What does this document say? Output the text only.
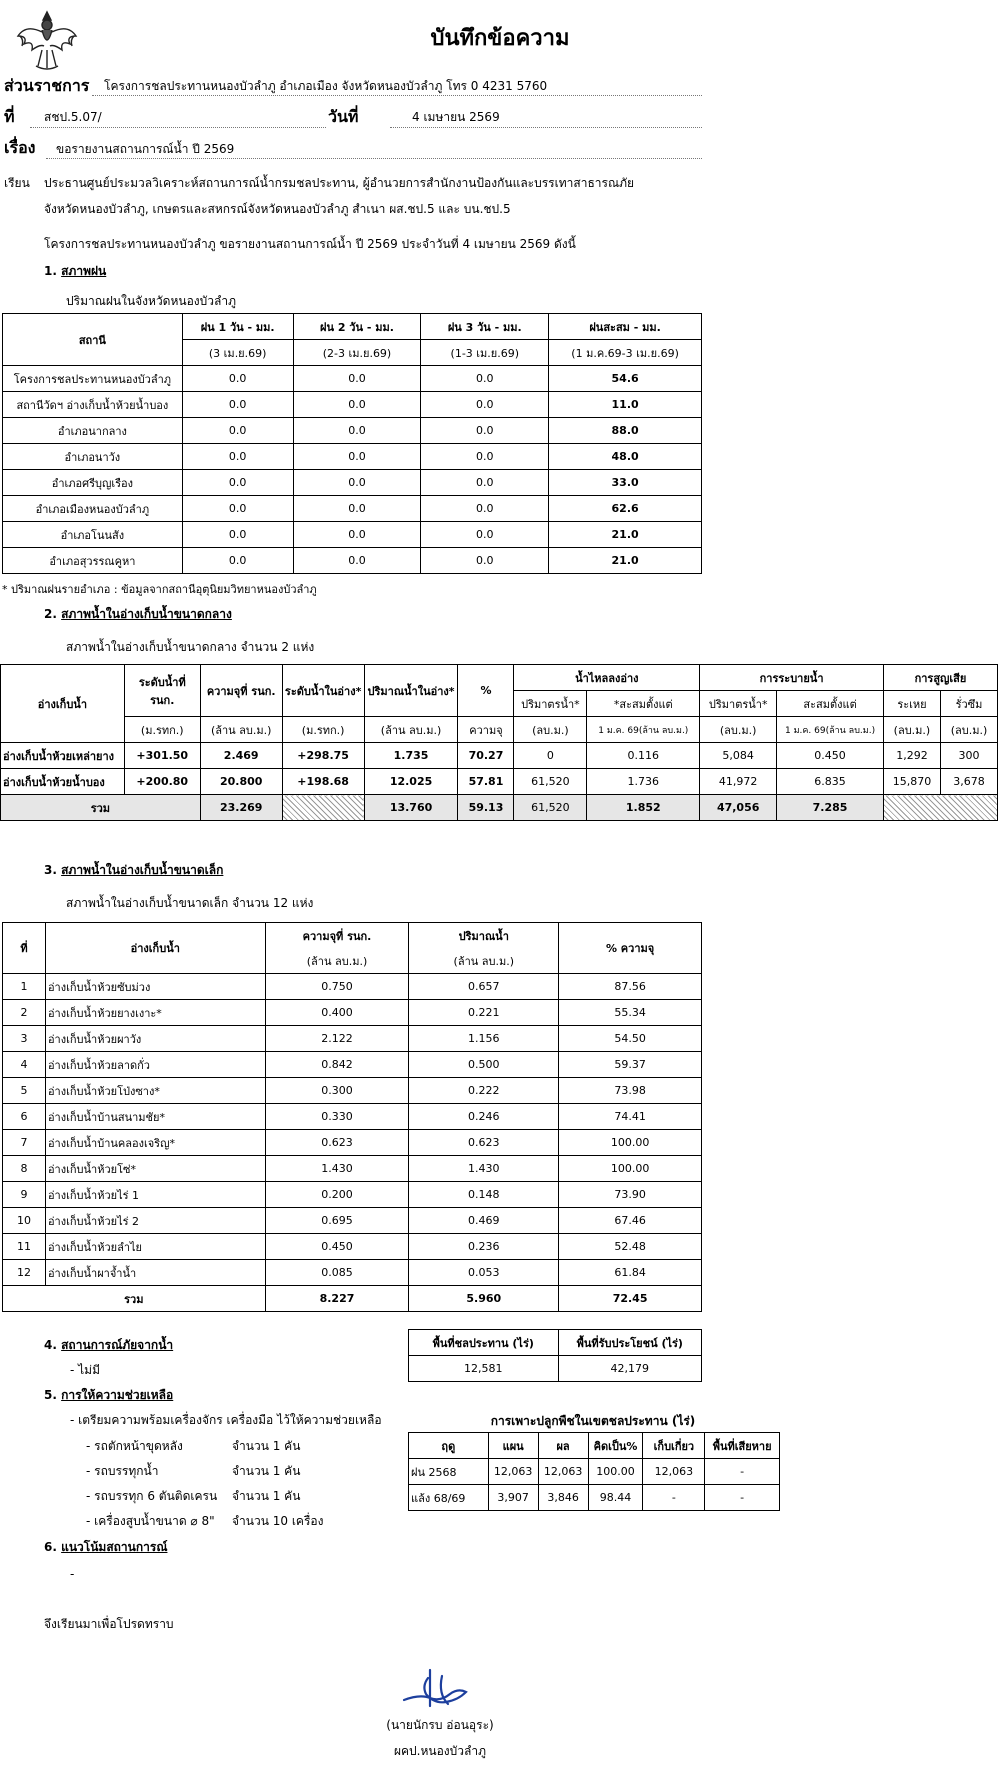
บันทึกข้อความ
ส่วนราชการ โครงการชลประทานหนองบัวลำภู อำเภอเมือง จังหวัดหนองบัวลำภู โทร 0 4231 5760
ที่ สชป.5.07/	วันที่	4 เมษายน 2569
เรื่อง ขอรายงานสถานการณ์น้ำ ปี 2569
เรียน ประธานศูนย์ประมวลวิเคราะห์สถานการณ์น้ำกรมชลประทาน, ผู้อำนวยการสำนักงานป้องกันและบรรเทาสาธารณภัย
จังหวัดหนองบัวลำภู, เกษตรและสหกรณ์จังหวัดหนองบัวลำภู สำเนา ผส.ชป.5 และ บน.ชป.5
โครงการชลประทานหนองบัวลำภู ขอรายงานสถานการณ์น้ำ ปี 2569 ประจำวันที่ 4 เมษายน 2569 ดังนี้
1. สภาพฝน
ปริมาณฝนในจังหวัดหนองบัวลำภู
สถานี	ฝน 1 วัน - มม.	ฝน 2 วัน - มม.	ฝน 3 วัน - มม.	ฝนสะสม - มม.
	(3 เม.ย.69)	(2-3 เม.ย.69)	(1-3 เม.ย.69)	(1 ม.ค.69-3 เม.ย.69)
โครงการชลประทานหนองบัวลำภู	0.0	0.0	0.0	54.6
สถานีวัดฯ อ่างเก็บน้ำห้วยน้ำบอง	0.0	0.0	0.0	11.0
อำเภอนากลาง	0.0	0.0	0.0	88.0
อำเภอนาวัง	0.0	0.0	0.0	48.0
อำเภอศรีบุญเรือง	0.0	0.0	0.0	33.0
อำเภอเมืองหนองบัวลำภู	0.0	0.0	0.0	62.6
อำเภอโนนสัง	0.0	0.0	0.0	21.0
อำเภอสุวรรณคูหา	0.0	0.0	0.0	21.0
* ปริมาณฝนรายอำเภอ : ข้อมูลจากสถานีอุตุนิยมวิทยาหนองบัวลำภู
2. สภาพน้ำในอ่างเก็บน้ำขนาดกลาง
สภาพน้ำในอ่างเก็บน้ำขนาดกลาง จำนวน 2 แห่ง
อ่างเก็บน้ำ	ระดับน้ำที่ รนก.	ความจุที่ รนก.	ระดับน้ำในอ่าง*	ปริมาณน้ำในอ่าง*	%	น้ำไหลลงอ่าง		การระบายน้ำ		การสูญเสีย	
						ปริมาตรน้ำ*	*สะสมตั้งแต่	ปริมาตรน้ำ*	สะสมตั้งแต่	ระเหย	รั่วซึม
	(ม.รทก.)	(ล้าน ลบ.ม.)	(ม.รทก.)	(ล้าน ลบ.ม.)	ความจุ	(ลบ.ม.)	1 ม.ค. 69(ล้าน ลบ.ม.)	(ลบ.ม.)	1 ม.ค. 69(ล้าน ลบ.ม.)	(ลบ.ม.)	(ลบ.ม.)
อ่างเก็บน้ำห้วยเหล่ายาง	+301.50	2.469	+298.75	1.735	70.27	0	0.116	5,084	0.450	1,292	300
อ่างเก็บน้ำห้วยน้ำบอง	+200.80	20.800	+198.68	12.025	57.81	61,520	1.736	41,972	6.835	15,870	3,678
รวม		23.269		13.760	59.13	61,520	1.852	47,056	7.285		
3. สภาพน้ำในอ่างเก็บน้ำขนาดเล็ก
สภาพน้ำในอ่างเก็บน้ำขนาดเล็ก จำนวน 12 แห่ง
ที่	อ่างเก็บน้ำ	ความจุที่ รนก.	ปริมาณน้ำ	% ความจุ
		(ล้าน ลบ.ม.)	(ล้าน ลบ.ม.)	
1	อ่างเก็บน้ำห้วยซับม่วง	0.750	0.657	87.56
2	อ่างเก็บน้ำห้วยยางเงาะ*	0.400	0.221	55.34
3	อ่างเก็บน้ำห้วยผาวัง	2.122	1.156	54.50
4	อ่างเก็บน้ำห้วยลาดกั่ว	0.842	0.500	59.37
5	อ่างเก็บน้ำห้วยโป่งซาง*	0.300	0.222	73.98
6	อ่างเก็บน้ำบ้านสนามชัย*	0.330	0.246	74.41
7	อ่างเก็บน้ำบ้านคลองเจริญ*	0.623	0.623	100.00
8	อ่างเก็บน้ำห้วยโซ่*	1.430	1.430	100.00
9	อ่างเก็บน้ำห้วยไร่ 1	0.200	0.148	73.90
10	อ่างเก็บน้ำห้วยไร่ 2	0.695	0.469	67.46
11	อ่างเก็บน้ำห้วยลำไย	0.450	0.236	52.48
12	อ่างเก็บน้ำผาจ้ำน้ำ	0.085	0.053	61.84
รวม		8.227	5.960	72.45
4. สถานการณ์ภัยจากน้ำ
- ไม่มี
พื้นที่ชลประทาน (ไร่)	พื้นที่รับประโยชน์ (ไร่)
12,581	42,179
5. การให้ความช่วยเหลือ
- เตรียมความพร้อมเครื่องจักร เครื่องมือ ไว้ให้ความช่วยเหลือ
- รถตักหน้าขุดหลัง	จำนวน 1 คัน
- รถบรรทุกน้ำ	จำนวน 1 คัน
- รถบรรทุก 6 ตันติดเครน จำนวน 1 คัน
- เครื่องสูบน้ำขนาด ⌀ 8" จำนวน 10 เครื่อง
การเพาะปลูกพืชในเขตชลประทาน (ไร่)
ฤดู	แผน	ผล	คิดเป็น%	เก็บเกี่ยว	พื้นที่เสียหาย
ฝน 2568	12,063	12,063	100.00	12,063	-
แล้ง 68/69	3,907	3,846	98.44	-	-
6. แนวโน้มสถานการณ์
-
จึงเรียนมาเพื่อโปรดทราบ
(นายนักรบ อ่อนอุระ)
ผคป.หนองบัวลำภู
